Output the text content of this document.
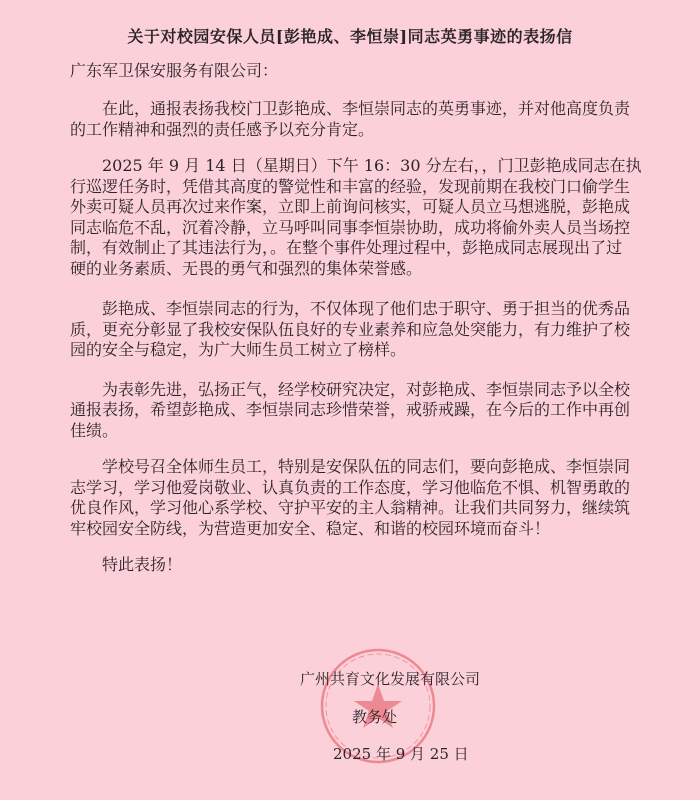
关于对校园安保人员[彭艳成、李恒崇]同志英勇事迹的表扬信
广东军卫保安服务有限公司：
在此，通报表扬我校门卫彭艳成、李恒崇同志的英勇事迹，并对他高度负责
的工作精神和强烈的责任感予以充分肯定。
2025 年 9 月 14 日（星期日）下午 16：30 分左右，，门卫彭艳成同志在执
行巡逻任务时，凭借其高度的警觉性和丰富的经验，发现前期在我校门口偷学生
外卖可疑人员再次过来作案，立即上前询问核实，可疑人员立马想逃脱，彭艳成
同志临危不乱，沉着冷静，立马呼叫同事李恒崇协助，成功将偷外卖人员当场控
制，有效制止了其违法行为，。在整个事件处理过程中，彭艳成同志展现出了过
硬的业务素质、无畏的勇气和强烈的集体荣誉感。
彭艳成、李恒崇同志的行为，不仅体现了他们忠于职守、勇于担当的优秀品
质，更充分彰显了我校安保队伍良好的专业素养和应急处突能力，有力维护了校
园的安全与稳定，为广大师生员工树立了榜样。
为表彰先进，弘扬正气，经学校研究决定，对彭艳成、李恒崇同志予以全校
通报表扬，希望彭艳成、李恒崇同志珍惜荣誉，戒骄戒躁，在今后的工作中再创
佳绩。
学校号召全体师生员工，特别是安保队伍的同志们，要向彭艳成、李恒崇同
志学习，学习他爱岗敬业、认真负责的工作态度，学习他临危不惧、机智勇敢的
优良作风，学习他心系学校、守护平安的主人翁精神。让我们共同努力，继续筑
牢校园安全防线，为营造更加安全、稳定、和谐的校园环境而奋斗！
特此表扬！
广州共育文化发展有限公司
教务处
2025 年 9 月 25 日
